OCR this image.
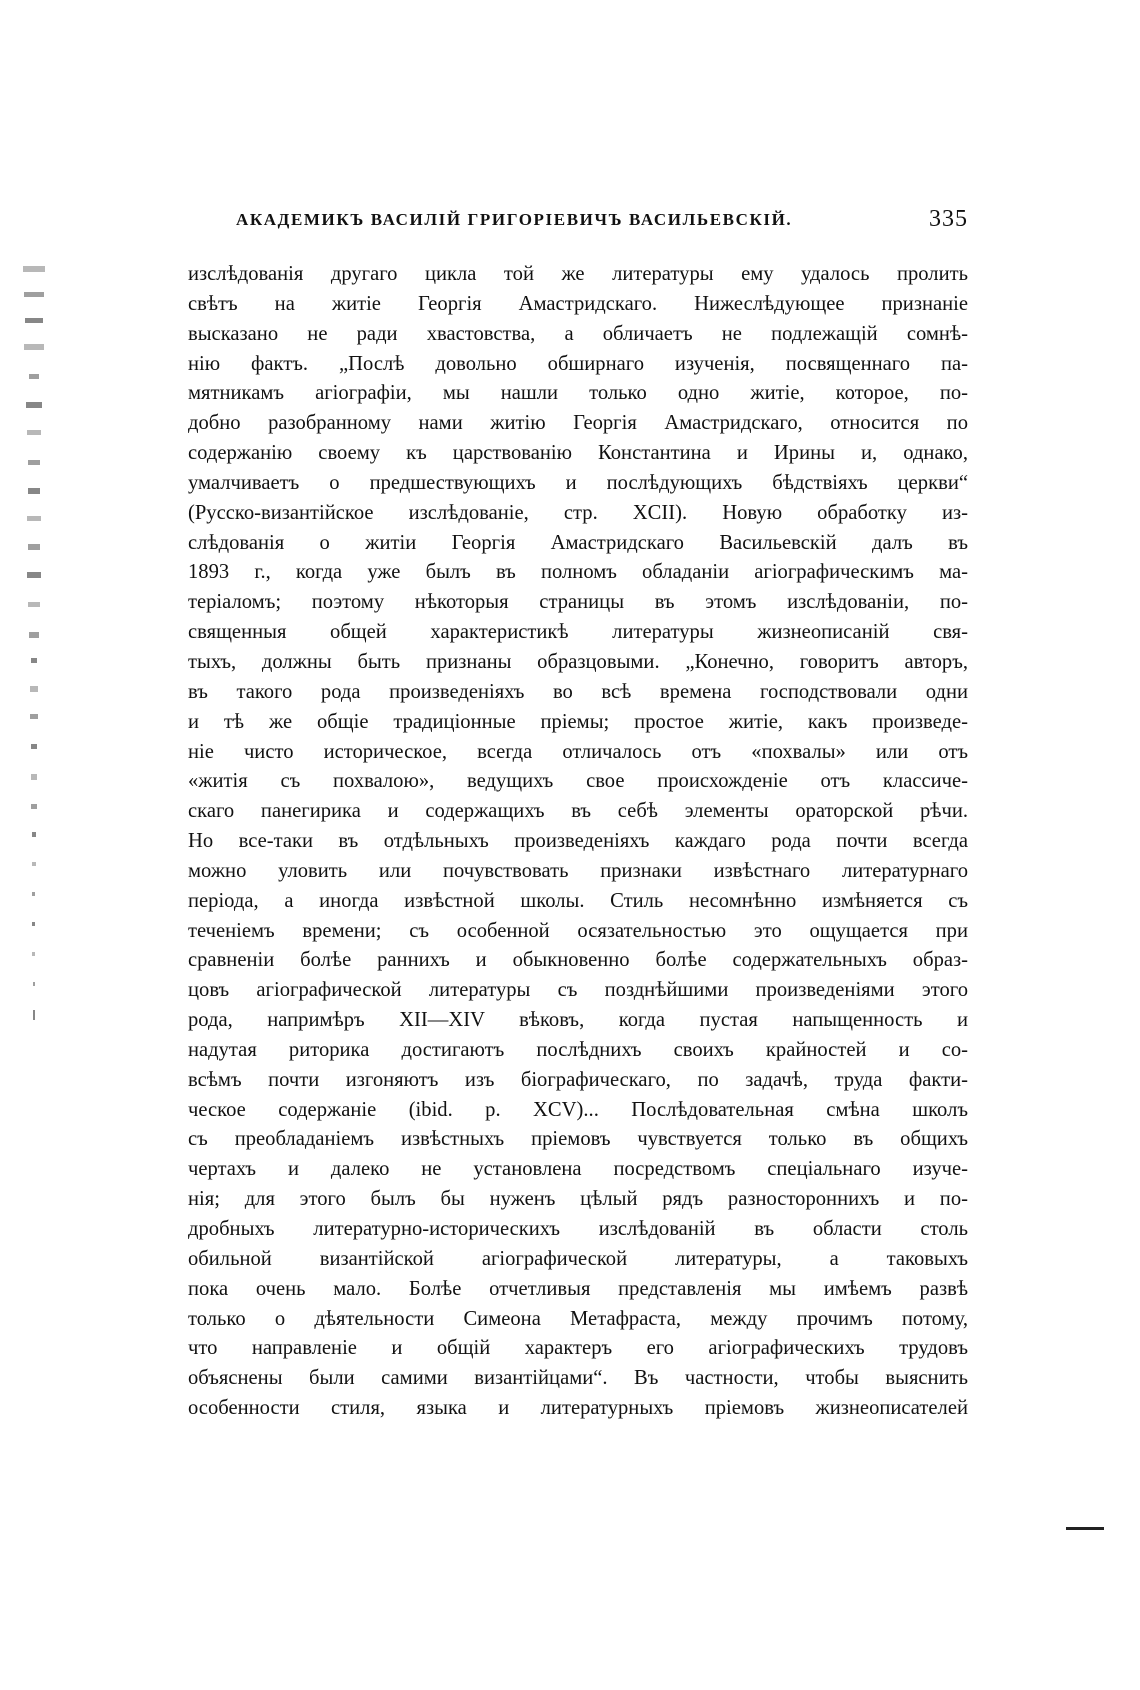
АКАДЕМИКЪ ВАСИЛІЙ ГРИГОРІЕВИЧЪ ВАСИЛЬЕВСКІЙ.	335
изслѣдованія другаго цикла той же литературы ему удалось пролить
свѣтъ на житіе Георгія Амастридскаго. Нижеслѣдующее признаніе
высказано не ради хвастовства, а обличаетъ не подлежащій сомнѣ-
нію фактъ. „Послѣ довольно обширнаго изученія, посвященнаго па-
мятникамъ агіографіи, мы нашли только одно житіе, которое, по-
добно разобранному нами житію Георгія Амастридскаго, относится по
содержанію своему къ царствованію Константина и Ирины и, однако,
умалчиваетъ о предшествующихъ и послѣдующихъ бѣдствіяхъ церкви“
(Русско-византійское изслѣдованіе, стр. XCII). Новую обработку из-
слѣдованія о житіи Георгія Амастридскаго Васильевскій далъ въ
1893 г., когда уже былъ въ полномъ обладаніи агіографическимъ ма-
теріаломъ; поэтому нѣкоторыя страницы въ этомъ изслѣдованіи, по-
священныя общей характеристикѣ литературы жизнеописаній свя-
тыхъ, должны быть признаны образцовыми. „Конечно, говоритъ авторъ,
въ такого рода произведеніяхъ во всѣ времена господствовали одни
и тѣ же общіе традиціонные пріемы; простое житіе, какъ произведе-
ніе чисто историческое, всегда отличалось отъ «похвалы» или отъ
«житія съ похвалою», ведущихъ свое происхожденіе отъ классиче-
скаго панегирика и содержащихъ въ себѣ элементы ораторской рѣчи.
Но все-таки въ отдѣльныхъ произведеніяхъ каждаго рода почти всегда
можно уловить или почувствовать признаки извѣстнаго литературнаго
періода, а иногда извѣстной школы. Стиль несомнѣнно измѣняется съ
теченіемъ времени; съ особенной осязательностью это ощущается при
сравненіи болѣе раннихъ и обыкновенно болѣе содержательныхъ образ-
цовъ агіографической литературы съ позднѣйшими произведеніями этого
рода, напримѣръ XII—XIV вѣковъ, когда пустая напыщенность и
надутая риторика достигаютъ послѣднихъ своихъ крайностей и со-
всѣмъ почти изгоняютъ изъ біографическаго, по задачѣ, труда факти-
ческое содержаніе (ibid. p. XCV)... Послѣдовательная смѣна школъ
съ преобладаніемъ извѣстныхъ пріемовъ чувствуется только въ общихъ
чертахъ и далеко не установлена посредствомъ спеціальнаго изуче-
нія; для этого былъ бы нуженъ цѣлый рядъ разностороннихъ и по-
дробныхъ литературно-историческихъ изслѣдованій въ области столь
обильной византійской агіографической литературы, а таковыхъ
пока очень мало. Болѣе отчетливыя представленія мы имѣемъ развѣ
только о дѣятельности Симеона Метафраста, между прочимъ потому,
что направленіе и общій характеръ его агіографическихъ трудовъ
объяснены были самими византійцами“. Въ частности, чтобы выяснить
особенности стиля, языка и литературныхъ пріемовъ жизнеописателей
